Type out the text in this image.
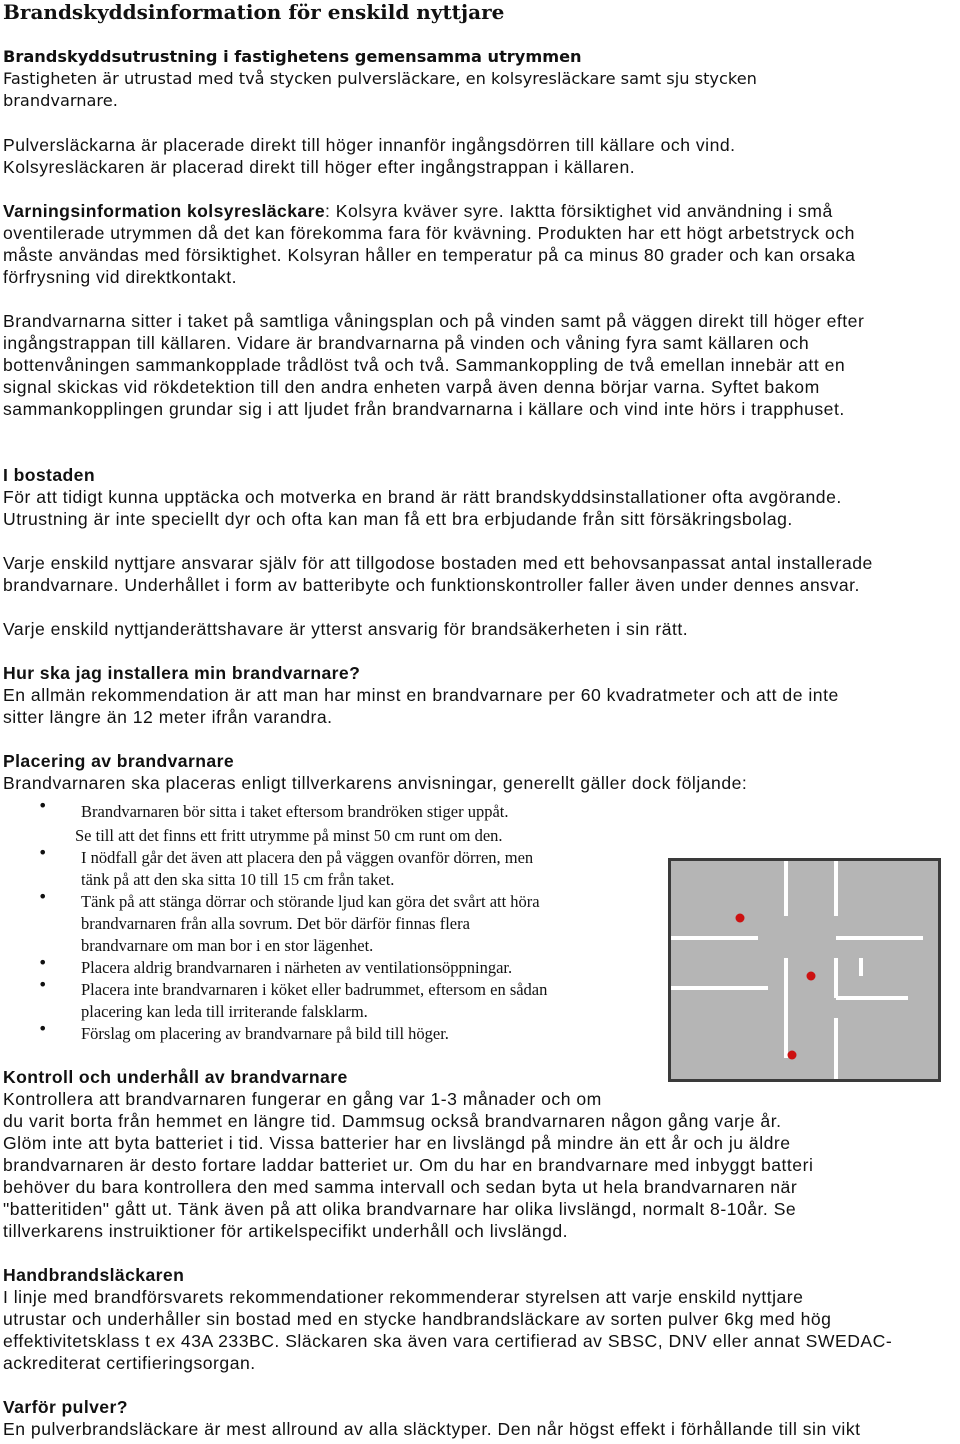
Brandskyddsinformation för enskild nyttjare
Brandskyddsutrustning i fastighetens gemensamma utrymmen
Fastigheten är utrustad med två stycken pulversläckare, en kolsyresläckare samt sju stycken
brandvarnare.
Pulversläckarna är placerade direkt till höger innanför ingångsdörren till källare och vind.
Kolsyresläckaren är placerad direkt till höger efter ingångstrappan i källaren.
Varningsinformation kolsyresläckare: Kolsyra kväver syre. Iaktta försiktighet vid användning i små
oventilerade utrymmen då det kan förekomma fara för kvävning. Produkten har ett högt arbetstryck och
måste användas med försiktighet. Kolsyran håller en temperatur på ca minus 80 grader och kan orsaka
förfrysning vid direktkontakt.
Brandvarnarna sitter i taket på samtliga våningsplan och på vinden samt på väggen direkt till höger efter
ingångstrappan till källaren. Vidare är brandvarnarna på vinden och våning fyra samt källaren och
bottenvåningen sammankopplade trådlöst två och två. Sammankoppling de två emellan innebär att en
signal skickas vid rökdetektion till den andra enheten varpå även denna börjar varna. Syftet bakom
sammankopplingen grundar sig i att ljudet från brandvarnarna i källare och vind inte hörs i trapphuset.
I bostaden
För att tidigt kunna upptäcka och motverka en brand är rätt brandskyddsinstallationer ofta avgörande.
Utrustning är inte speciellt dyr och ofta kan man få ett bra erbjudande från sitt försäkringsbolag.
Varje enskild nyttjare ansvarar själv för att tillgodose bostaden med ett behovsanpassat antal installerade
brandvarnare. Underhållet i form av batteribyte och funktionskontroller faller även under dennes ansvar.
Varje enskild nyttjanderättshavare är ytterst ansvarig för brandsäkerheten i sin rätt.
Hur ska jag installera min brandvarnare?
En allmän rekommendation är att man har minst en brandvarnare per 60 kvadratmeter och att de inte
sitter längre än 12 meter ifrån varandra.
Placering av brandvarnare
Brandvarnaren ska placeras enligt tillverkarens anvisningar, generellt gäller dock följande:
• Brandvarnaren bör sitta i taket eftersom brandröken stiger uppåt.
Se till att det finns ett fritt utrymme på minst 50 cm runt om den.
• I nödfall går det även att placera den på väggen ovanför dörren, men
tänk på att den ska sitta 10 till 15 cm från taket.
• Tänk på att stänga dörrar och störande ljud kan göra det svårt att höra
brandvarnaren från alla sovrum. Det bör därför finnas flera
brandvarnare om man bor i en stor lägenhet.
• Placera aldrig brandvarnaren i närheten av ventilationsöppningar.
• Placera inte brandvarnaren i köket eller badrummet, eftersom en sådan
placering kan leda till irriterande falsklarm.
• Förslag om placering av brandvarnare på bild till höger.
Kontroll och underhåll av brandvarnare
Kontrollera att brandvarnaren fungerar en gång var 1-3 månader och om
du varit borta från hemmet en längre tid. Dammsug också brandvarnaren någon gång varje år.
Glöm inte att byta batteriet i tid. Vissa batterier har en livslängd på mindre än ett år och ju äldre
brandvarnaren är desto fortare laddar batteriet ur. Om du har en brandvarnare med inbyggt batteri
behöver du bara kontrollera den med samma intervall och sedan byta ut hela brandvarnaren när
"batteritiden" gått ut. Tänk även på att olika brandvarnare har olika livslängd, normalt 8-10år. Se
tillverkarens instruiktioner för artikelspecifikt underhåll och livslängd.
Handbrandsläckaren
I linje med brandförsvarets rekommendationer rekommenderar styrelsen att varje enskild nyttjare
utrustar och underhåller sin bostad med en stycke handbrandsläckare av sorten pulver 6kg med hög
effektivitetsklass t ex 43A 233BC. Släckaren ska även vara certifierad av SBSC, DNV eller annat SWEDAC-
ackrediterat certifieringsorgan.
Varför pulver?
En pulverbrandsläckare är mest allround av alla släcktyper. Den når högst effekt i förhållande till sin vikt
